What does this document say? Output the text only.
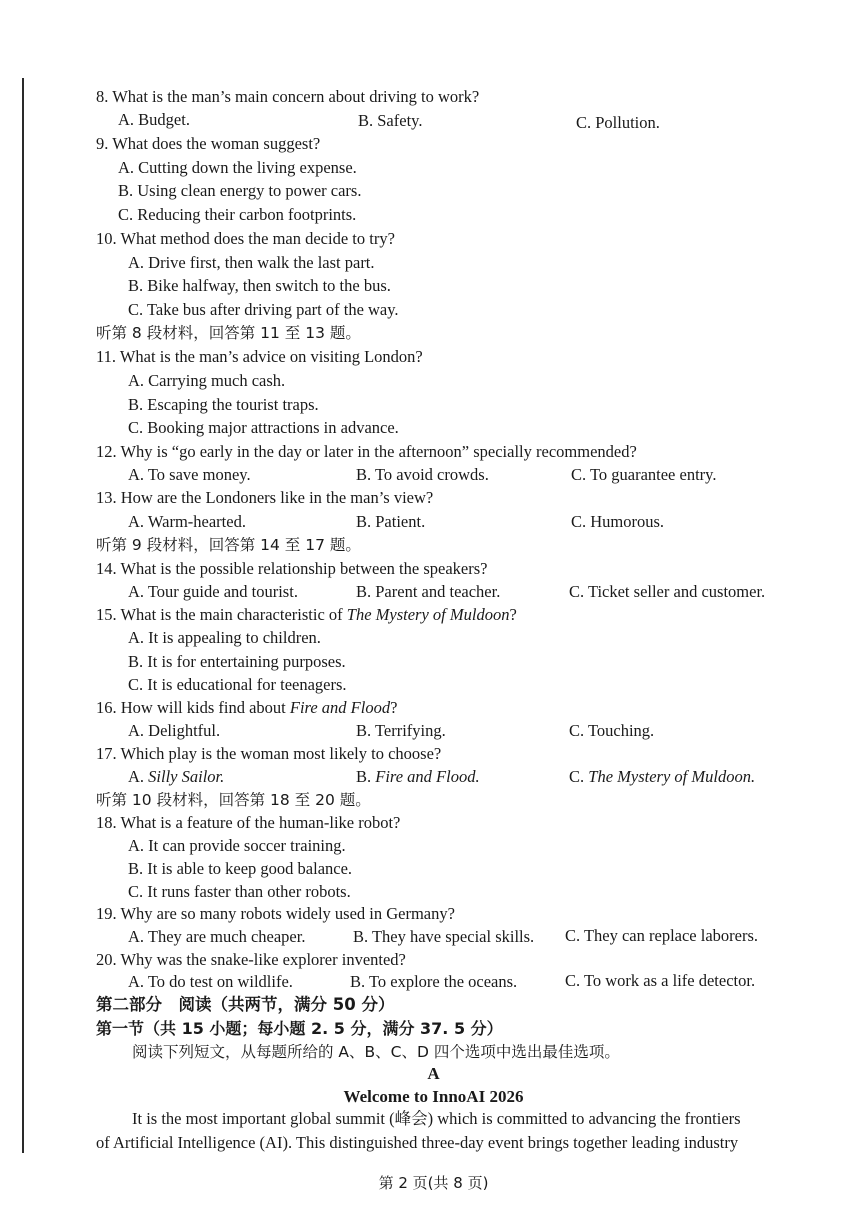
8. What is the man’s main concern about driving to work?
A. Budget.	B. Safety.	C. Pollution.
9. What does the woman suggest?
A. Cutting down the living expense.
B. Using clean energy to power cars.
C. Reducing their carbon footprints.
10. What method does the man decide to try?
A. Drive first, then walk the last part.
B. Bike halfway, then switch to the bus.
C. Take bus after driving part of the way.
听第 8 段材料，回答第 11 至 13 题。
11. What is the man’s advice on visiting London?
A. Carrying much cash.
B. Escaping the tourist traps.
C. Booking major attractions in advance.
12. Why is “go early in the day or later in the afternoon” specially recommended?
A. To save money.	B. To avoid crowds.	C. To guarantee entry.
13. How are the Londoners like in the man’s view?
A. Warm-hearted.	B. Patient.	C. Humorous.
听第 9 段材料，回答第 14 至 17 题。
14. What is the possible relationship between the speakers?
A. Tour guide and tourist.	B. Parent and teacher.	C. Ticket seller and customer.
15. What is the main characteristic of The Mystery of Muldoon?
A. It is appealing to children.
B. It is for entertaining purposes.
C. It is educational for teenagers.
16. How will kids find about Fire and Flood?
A. Delightful.	B. Terrifying.	C. Touching.
17. Which play is the woman most likely to choose?
A. Silly Sailor.	B. Fire and Flood.	C. The Mystery of Muldoon.
听第 10 段材料，回答第 18 至 20 题。
18. What is a feature of the human-like robot?
A. It can provide soccer training.
B. It is able to keep good balance.
C. It runs faster than other robots.
19. Why are so many robots widely used in Germany?
A. They are much cheaper.	B. They have special skills. C. They can replace laborers.
20. Why was the snake-like explorer invented?
A. To do test on wildlife.	B. To explore the oceans.	C. To work as a life detector.
第二部分　阅读（共两节，满分 50 分）
第一节（共 15 小题；每小题 2. 5 分，满分 37. 5 分）
阅读下列短文，从每题所给的 A、B、C、D 四个选项中选出最佳选项。
A
Welcome to InnoAI 2026
It is the most important global summit (峰会) which is committed to advancing the frontiers
of Artificial Intelligence (AI). This distinguished three-day event brings together leading industry
第 2 页(共 8 页)
